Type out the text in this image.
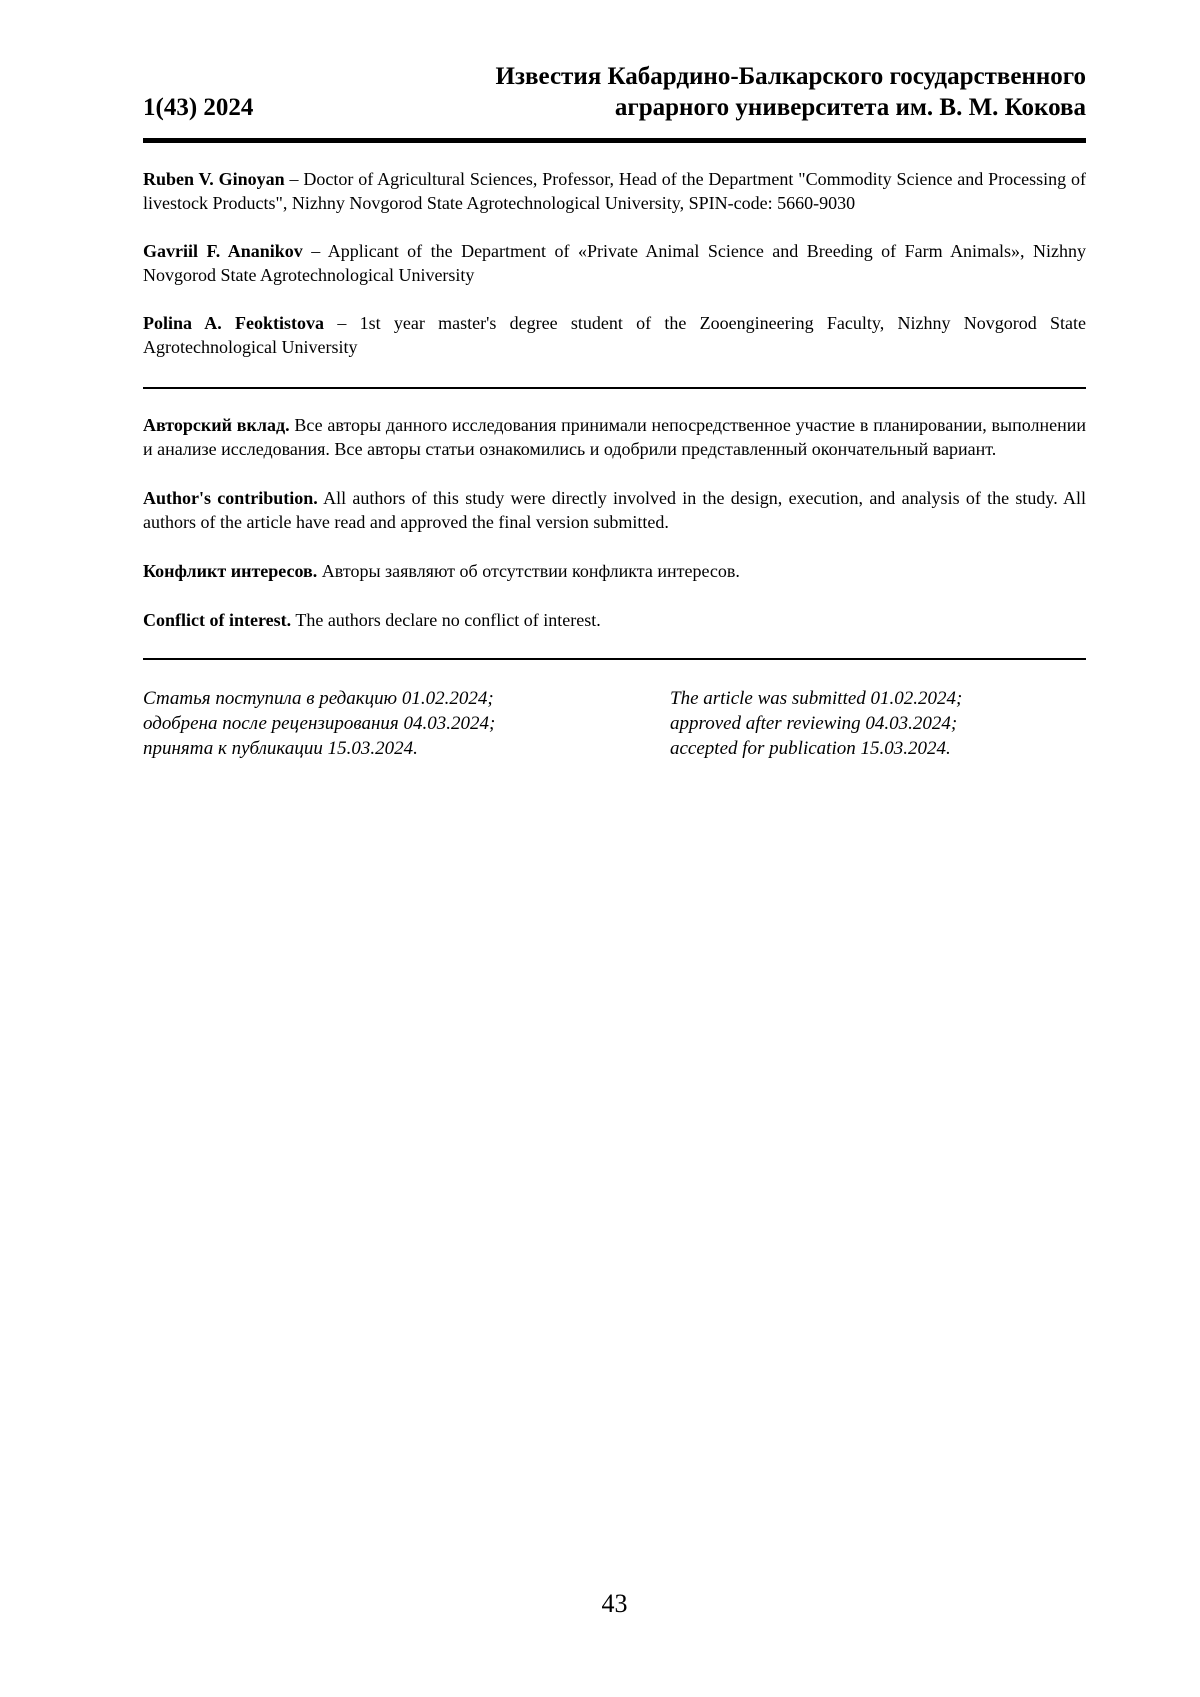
1(43) 2024
Известия Кабардино-Балкарского государственного
аграрного университета им. В. М. Кокова

Ruben V. Ginoyan – Doctor of Agricultural Sciences, Professor, Head of the Department "Commodity Science and Processing of livestock Products", Nizhny Novgorod State Agrotechnological University, SPIN-code: 5660-9030

Gavriil F. Ananikov – Applicant of the Department of «Private Animal Science and Breeding of Farm Animals», Nizhny Novgorod State Agrotechnological University

Polina A. Feoktistova – 1st year master's degree student of the Zooengineering Faculty, Nizhny Novgorod State Agrotechnological University

Авторский вклад. Все авторы данного исследования принимали непосредственное участие в планировании, выполнении и анализе исследования. Все авторы статьи ознакомились и одобрили представленный окончательный вариант.

Author's contribution. All authors of this study were directly involved in the design, execution, and analysis of the study. All authors of the article have read and approved the final version submitted.

Конфликт интересов. Авторы заявляют об отсутствии конфликта интересов.

Conflict of interest. The authors declare no conflict of interest.

Статья поступила в редакцию 01.02.2024;
одобрена после рецензирования 04.03.2024;
принята к публикации 15.03.2024.
The article was submitted 01.02.2024;
approved after reviewing 04.03.2024;
accepted for publication 15.03.2024.
43
